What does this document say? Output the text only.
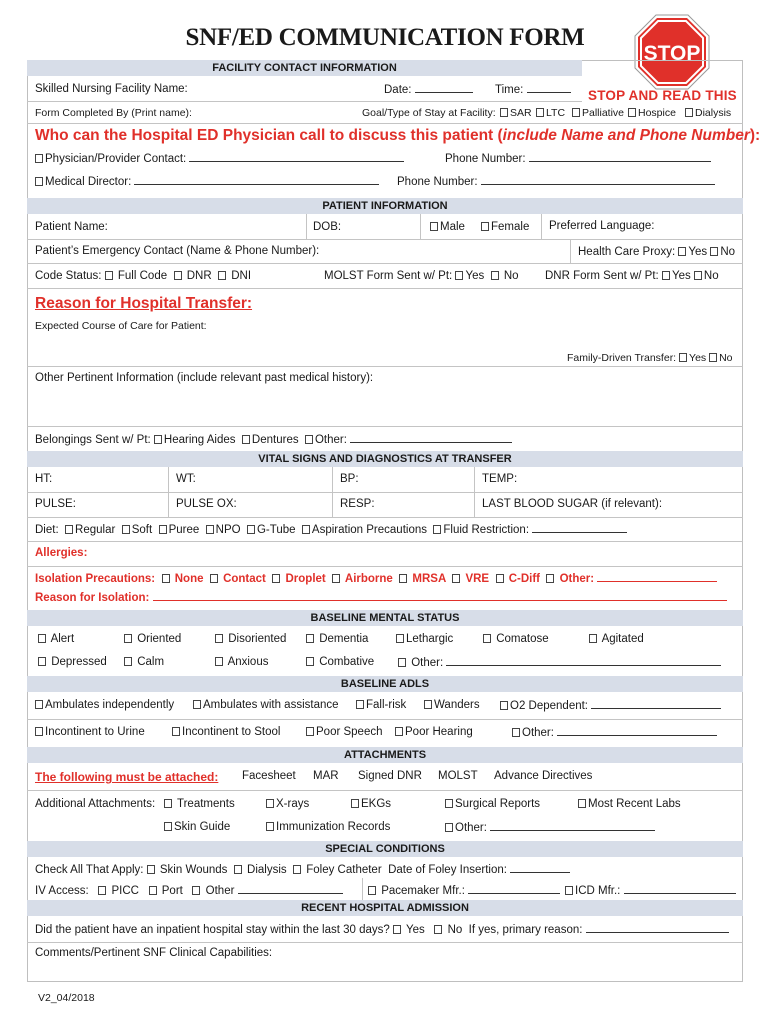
SNF/ED COMMUNICATION FORM
STOP
STOP AND READ THIS
FACILITY CONTACT INFORMATION
Skilled Nursing Facility Name:	Date:	Time:
Form Completed By (Print name):	Goal/Type of Stay at Facility:	SAR	LTC	Palliative	Hospice	Dialysis
Who can the Hospital ED Physician call to discuss this patient (include Name and Phone Number):
Physician/Provider Contact:	Phone Number:
Medical Director:	Phone Number:
PATIENT INFORMATION
Patient Name:	DOB:	Male	Female Preferred Language:
Patient’s Emergency Contact (Name & Phone Number):	Health Care Proxy: Yes No
Code Status: Full Code DNR DNI	MOLST Form Sent w/ Pt: Yes No DNR Form Sent w/ Pt: Yes No
Reason for Hospital Transfer:
Expected Course of Care for Patient:
Family-Driven Transfer: Yes No
Other Pertinent Information (include relevant past medical history):
Belongings Sent w/ Pt: Hearing Aides Dentures Other:
VITAL SIGNS AND DIAGNOSTICS AT TRANSFER
HT:	WT:	BP:	TEMP:
PULSE:	PULSE OX:	RESP:	LAST BLOOD SUGAR (if relevant):
Diet: Regular Soft Puree NPO G-Tube Aspiration Precautions Fluid Restriction:
Allergies:
Isolation Precautions: None Contact Droplet Airborne MRSA VRE C-Diff Other:
Reason for Isolation:
BASELINE MENTAL STATUS
Alert	Oriented	Disoriented	Dementia	Lethargic	Comatose	Agitated
Depressed	Calm	Anxious	Combative	Other:
BASELINE ADLS
Ambulates independently	Ambulates with assistance	Fall-risk	Wanders	O2 Dependent:
Incontinent to Urine	Incontinent to Stool	Poor Speech	Poor Hearing	Other:
ATTACHMENTS
The following must be attached: Facesheet MAR Signed DNR MOLST Advance Directives
Additional Attachments:	Treatments	X-rays	EKGs	Surgical Reports	Most Recent Labs
Skin Guide	Immunization Records	Other:
SPECIAL CONDITIONS
Check All That Apply: Skin Wounds Dialysis Foley Catheter Date of Foley Insertion:
IV Access: PICC Port Other	Pacemaker Mfr.:	ICD Mfr.:
RECENT HOSPITAL ADMISSION
Did the patient have an inpatient hospital stay within the last 30 days? Yes No If yes, primary reason:
Comments/Pertinent SNF Clinical Capabilities:
V2_04/2018
